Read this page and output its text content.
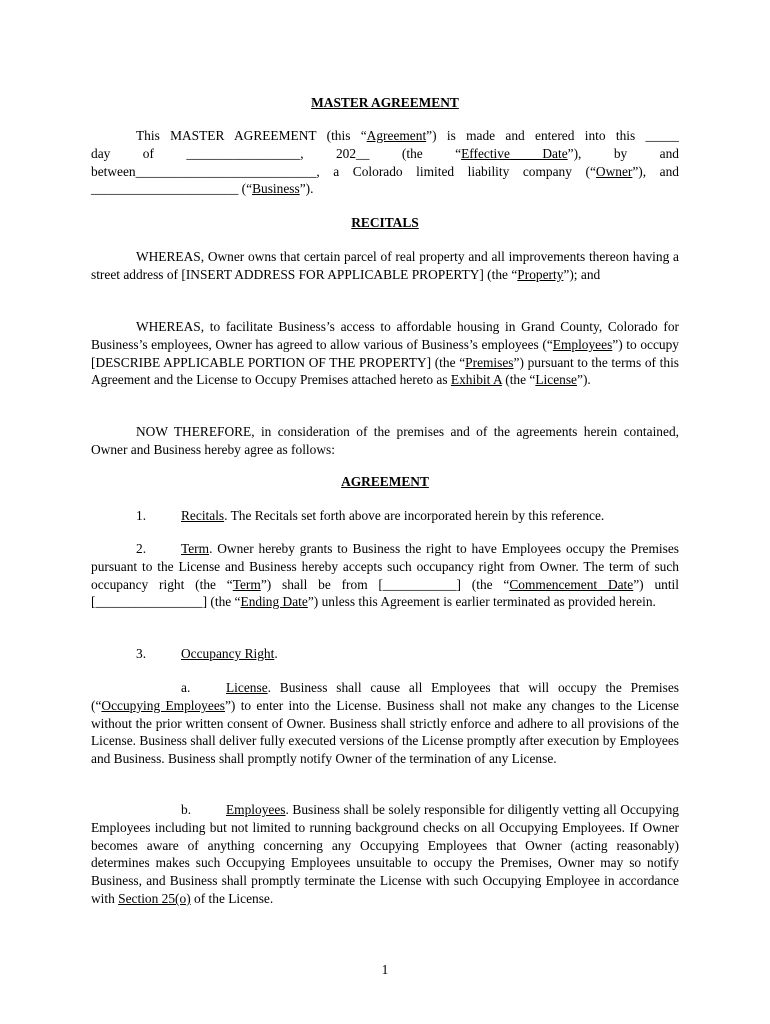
MASTER AGREEMENT
This MASTER AGREEMENT (this “Agreement”) is made and entered into this _____
day of _________________, 202__ (the “Effective Date”), by and
between___________________________, a Colorado limited liability company (“Owner”), and
______________________ (“Business”).
RECITALS
WHEREAS, Owner owns that certain parcel of real property and all improvements thereon having a street address of [INSERT ADDRESS FOR APPLICABLE PROPERTY] (the “Property”); and
WHEREAS, to facilitate Business’s access to affordable housing in Grand County, Colorado for Business’s employees, Owner has agreed to allow various of Business’s employees (“Employees”) to occupy [DESCRIBE APPLICABLE PORTION OF THE PROPERTY] (the “Premises”) pursuant to the terms of this Agreement and the License to Occupy Premises attached hereto as Exhibit A (the “License”).
NOW THEREFORE, in consideration of the premises and of the agreements herein contained, Owner and Business hereby agree as follows:
AGREEMENT
1.	Recitals. The Recitals set forth above are incorporated herein by this reference.
2.	Term. Owner hereby grants to Business the right to have Employees occupy the Premises pursuant to the License and Business hereby accepts such occupancy right from Owner. The term of such occupancy right (the “Term”) shall be from [___________] (the “Commencement Date”) until [________________] (the “Ending Date”) unless this Agreement is earlier terminated as provided herein.
3.	Occupancy Right.
a.	License. Business shall cause all Employees that will occupy the Premises (“Occupying Employees”) to enter into the License. Business shall not make any changes to the License without the prior written consent of Owner. Business shall strictly enforce and adhere to all provisions of the License. Business shall deliver fully executed versions of the License promptly after execution by Employees and Business. Business shall promptly notify Owner of the termination of any License.
b.	Employees. Business shall be solely responsible for diligently vetting all Occupying Employees including but not limited to running background checks on all Occupying Employees. If Owner becomes aware of anything concerning any Occupying Employees that Owner (acting reasonably) determines makes such Occupying Employees unsuitable to occupy the Premises, Owner may so notify Business, and Business shall promptly terminate the License with such Occupying Employee in accordance with Section 25(o) of the License.
1
